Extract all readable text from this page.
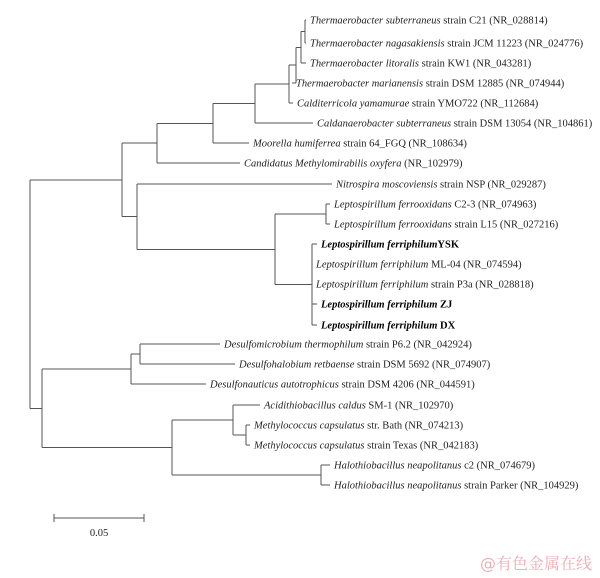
Thermaerobacter subterraneus strain C21 (NR_028814)
Thermaerobacter nagasakiensis strain JCM 11223 (NR_024776)
Thermaerobacter litoralis strain KW1 (NR_043281)
Thermaerobacter marianensis strain DSM 12885 (NR_074944)
Calditerricola yamamurae strain YMO722 (NR_112684)
Caldanaerobacter subterraneus strain DSM 13054 (NR_104861)
Moorella humiferrea strain 64_FGQ (NR_108634)
Candidatus Methylomirabilis oxyfera (NR_102979)
Nitrospira moscoviensis strain NSP (NR_029287)
Leptospirillum ferrooxidans C2-3 (NR_074963)
Leptospirillum ferrooxidans strain L15 (NR_027216)
Leptospirillum ferriphilumYSK
Leptospirillum ferriphilum ML-04 (NR_074594)
Leptospirillum ferriphilum strain P3a (NR_028818)
Leptospirillum ferriphilum ZJ
Leptospirillum ferriphilum DX
Desulfomicrobium thermophilum strain P6.2 (NR_042924)
Desulfohalobium retbaense strain DSM 5692 (NR_074907)
Desulfonauticus autotrophicus strain DSM 4206 (NR_044591)
Acidithiobacillus caldus SM-1 (NR_102970)
Methylococcus capsulatus str. Bath (NR_074213)
Methylococcus capsulatus strain Texas (NR_042183)
Halothiobacillus neapolitanus c2 (NR_074679)
Halothiobacillus neapolitanus strain Parker (NR_104929)
0.05
@有色金属在线
